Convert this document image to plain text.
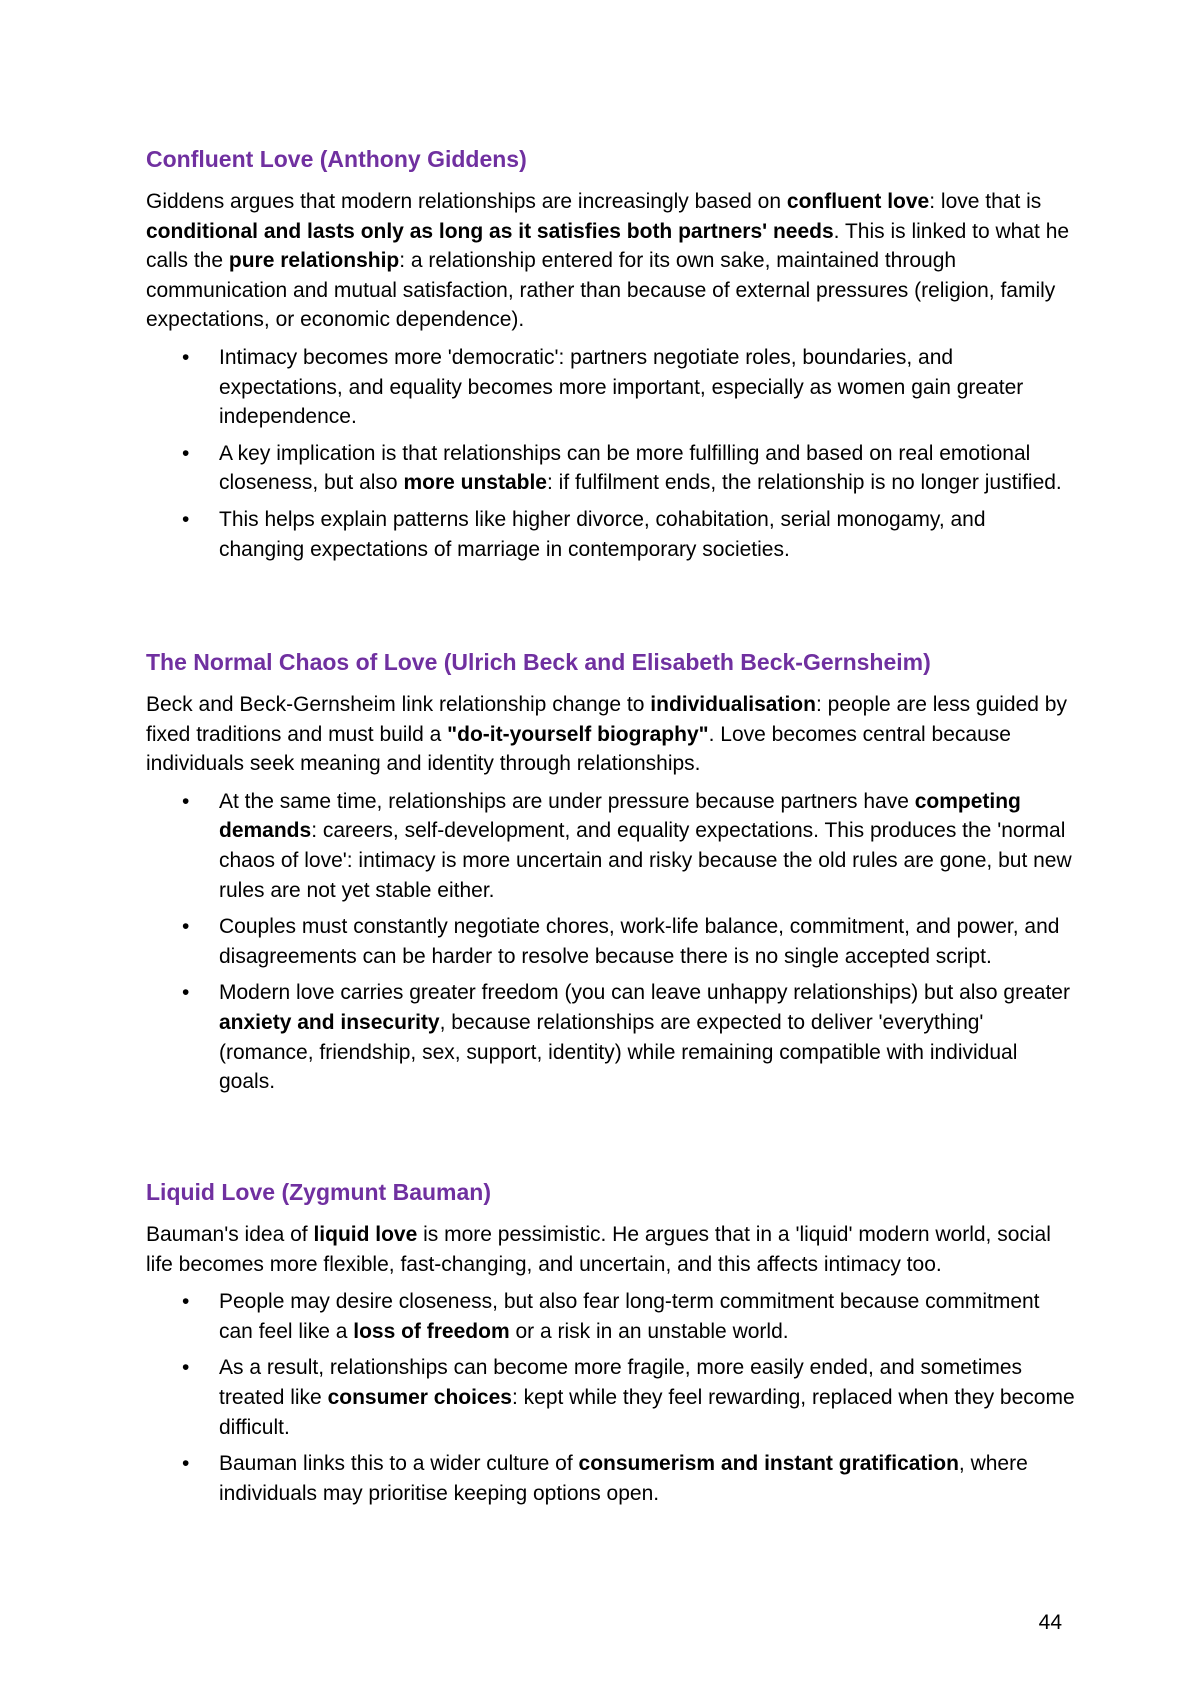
Confluent Love (Anthony Giddens)

Giddens argues that modern relationships are increasingly based on confluent love: love that is conditional and lasts only as long as it satisfies both partners' needs. This is linked to what he calls the pure relationship: a relationship entered for its own sake, maintained through communication and mutual satisfaction, rather than because of external pressures (religion, family expectations, or economic dependence).

• Intimacy becomes more 'democratic': partners negotiate roles, boundaries, and expectations, and equality becomes more important, especially as women gain greater independence.
• A key implication is that relationships can be more fulfilling and based on real emotional closeness, but also more unstable: if fulfilment ends, the relationship is no longer justified.
• This helps explain patterns like higher divorce, cohabitation, serial monogamy, and changing expectations of marriage in contemporary societies.
The Normal Chaos of Love (Ulrich Beck and Elisabeth Beck-Gernsheim)

Beck and Beck-Gernsheim link relationship change to individualisation: people are less guided by fixed traditions and must build a "do-it-yourself biography". Love becomes central because individuals seek meaning and identity through relationships.

• At the same time, relationships are under pressure because partners have competing demands: careers, self-development, and equality expectations. This produces the 'normal chaos of love': intimacy is more uncertain and risky because the old rules are gone, but new rules are not yet stable either.
• Couples must constantly negotiate chores, work-life balance, commitment, and power, and disagreements can be harder to resolve because there is no single accepted script.
• Modern love carries greater freedom (you can leave unhappy relationships) but also greater anxiety and insecurity, because relationships are expected to deliver 'everything' (romance, friendship, sex, support, identity) while remaining compatible with individual goals.
Liquid Love (Zygmunt Bauman)

Bauman's idea of liquid love is more pessimistic. He argues that in a 'liquid' modern world, social life becomes more flexible, fast-changing, and uncertain, and this affects intimacy too.

• People may desire closeness, but also fear long-term commitment because commitment can feel like a loss of freedom or a risk in an unstable world.
• As a result, relationships can become more fragile, more easily ended, and sometimes treated like consumer choices: kept while they feel rewarding, replaced when they become difficult.
• Bauman links this to a wider culture of consumerism and instant gratification, where individuals may prioritise keeping options open.
44
